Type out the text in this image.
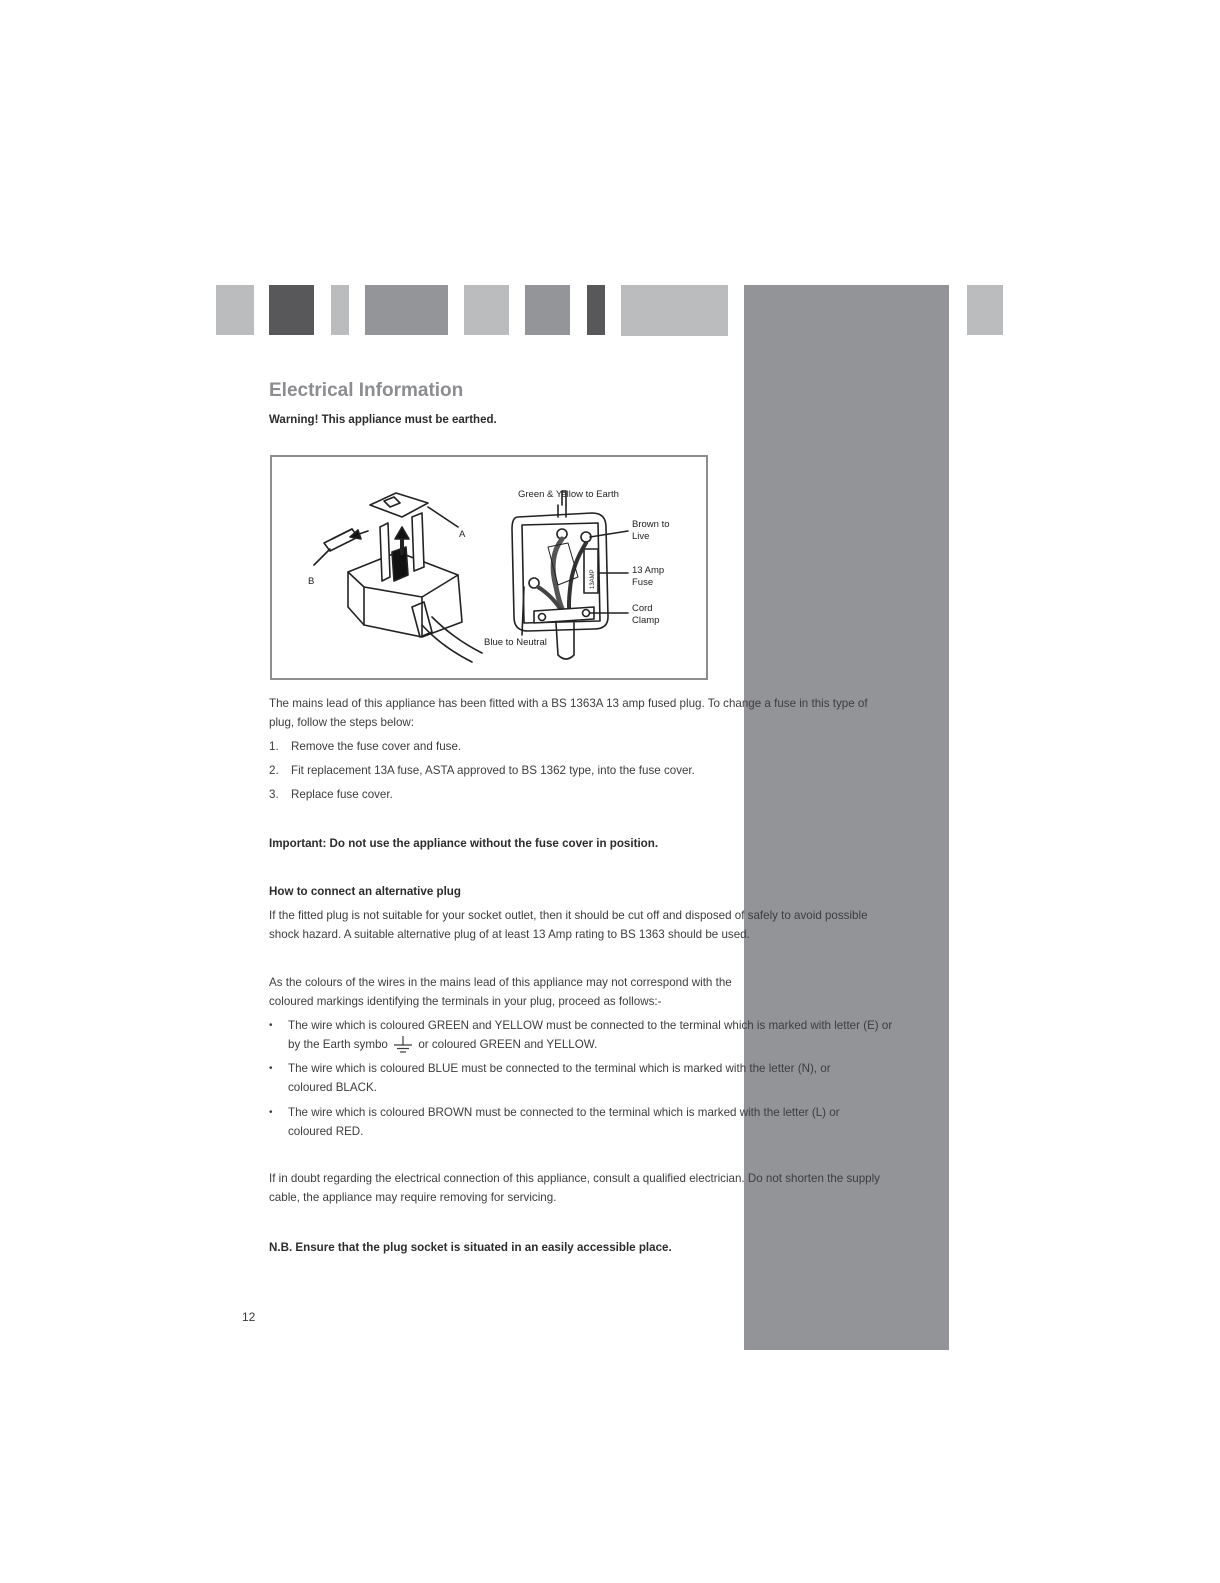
Electrical Information
Warning! This appliance must be earthed.
A
B
Green & Yellow to Earth
Brown to
Live
13 Amp
Fuse
Cord
Clamp
Blue to Neutral
13AMP
The mains lead of this appliance has been fitted with a BS 1363A 13 amp fused plug. To change a fuse in this type of
plug, follow the steps below:
1. Remove the fuse cover and fuse.
2. Fit replacement 13A fuse, ASTA approved to BS 1362 type, into the fuse cover.
3. Replace fuse cover.
Important: Do not use the appliance without the fuse cover in position.
How to connect an alternative plug
If the fitted plug is not suitable for your socket outlet, then it should be cut off and disposed of safely to avoid possible
shock hazard. A suitable alternative plug of at least 13 Amp rating to BS 1363 should be used.
As the colours of the wires in the mains lead of this appliance may not correspond with the
coloured markings identifying the terminals in your plug, proceed as follows:-
• The wire which is coloured GREEN and YELLOW must be connected to the terminal which is marked with letter (E) or
by the Earth symbo	or coloured GREEN and YELLOW.
• The wire which is coloured BLUE must be connected to the terminal which is marked with the letter (N), or
coloured BLACK.
• The wire which is coloured BROWN must be connected to the terminal which is marked with the letter (L) or
coloured RED.
If in doubt regarding the electrical connection of this appliance, consult a qualified electrician. Do not shorten the supply
cable, the appliance may require removing for servicing.
N.B. Ensure that the plug socket is situated in an easily accessible place.
12
